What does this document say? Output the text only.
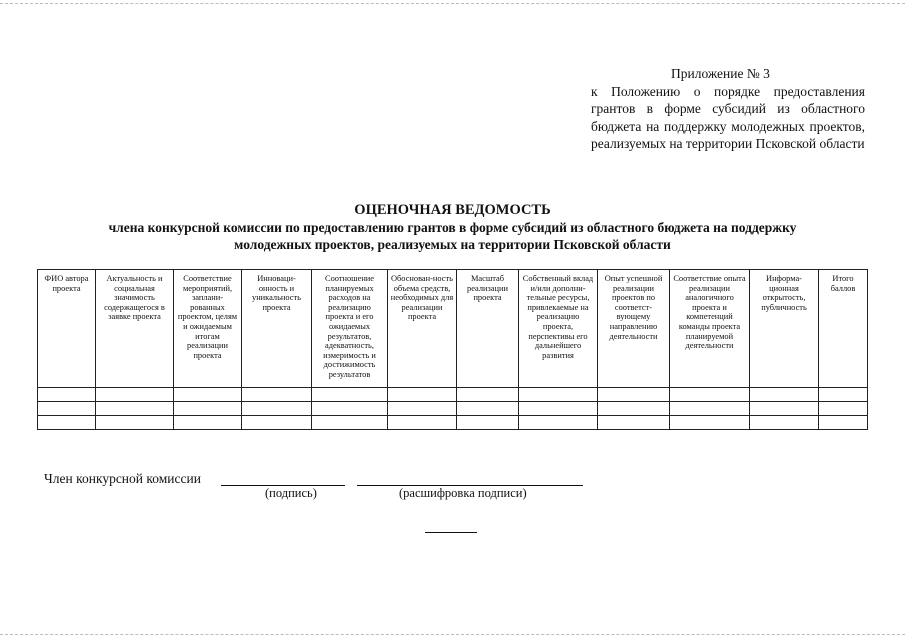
Приложение № 3
к Положению о порядке предоставления грантов в форме субсидий из областного бюджета на поддержку молодежных проектов, реализуемых на территории Псковской области
ОЦЕНОЧНАЯ ВЕДОМОСТЬ
члена конкурсной комиссии по предоставлению грантов в форме субсидий из областного бюджета на поддержку
молодежных проектов, реализуемых на территории Псковской области
ФИО автора проекта	Актуальность и социальная значимость содержащегося в заявке проекта	Соответствие мероприятий, заплани-рованных проектом, целям и ожидаемым итогам реализации проекта	Инноваци-онность и уникальность проекта	Соотношение планируемых расходов на реализацию проекта и его ожидаемых результатов, адекватность, измеримость и достижимость результатов	Обоснован-ность объема средств, необходимых для реализации проекта	Масштаб реализации проекта	Собственный вклад и/или дополни-тельные ресурсы, привлекаемые на реализацию проекта, перспективы его дальнейшего развития	Опыт успешной реализации проектов по соответст-вующему направлению деятельности	Соответствие опыта реализации аналогичного проекта и компетенций команды проекта планируемой деятельности	Информа-ционная открытость, публичность	Итого баллов

Член конкурсной комиссии
(подпись)	(расшифровка подписи)
